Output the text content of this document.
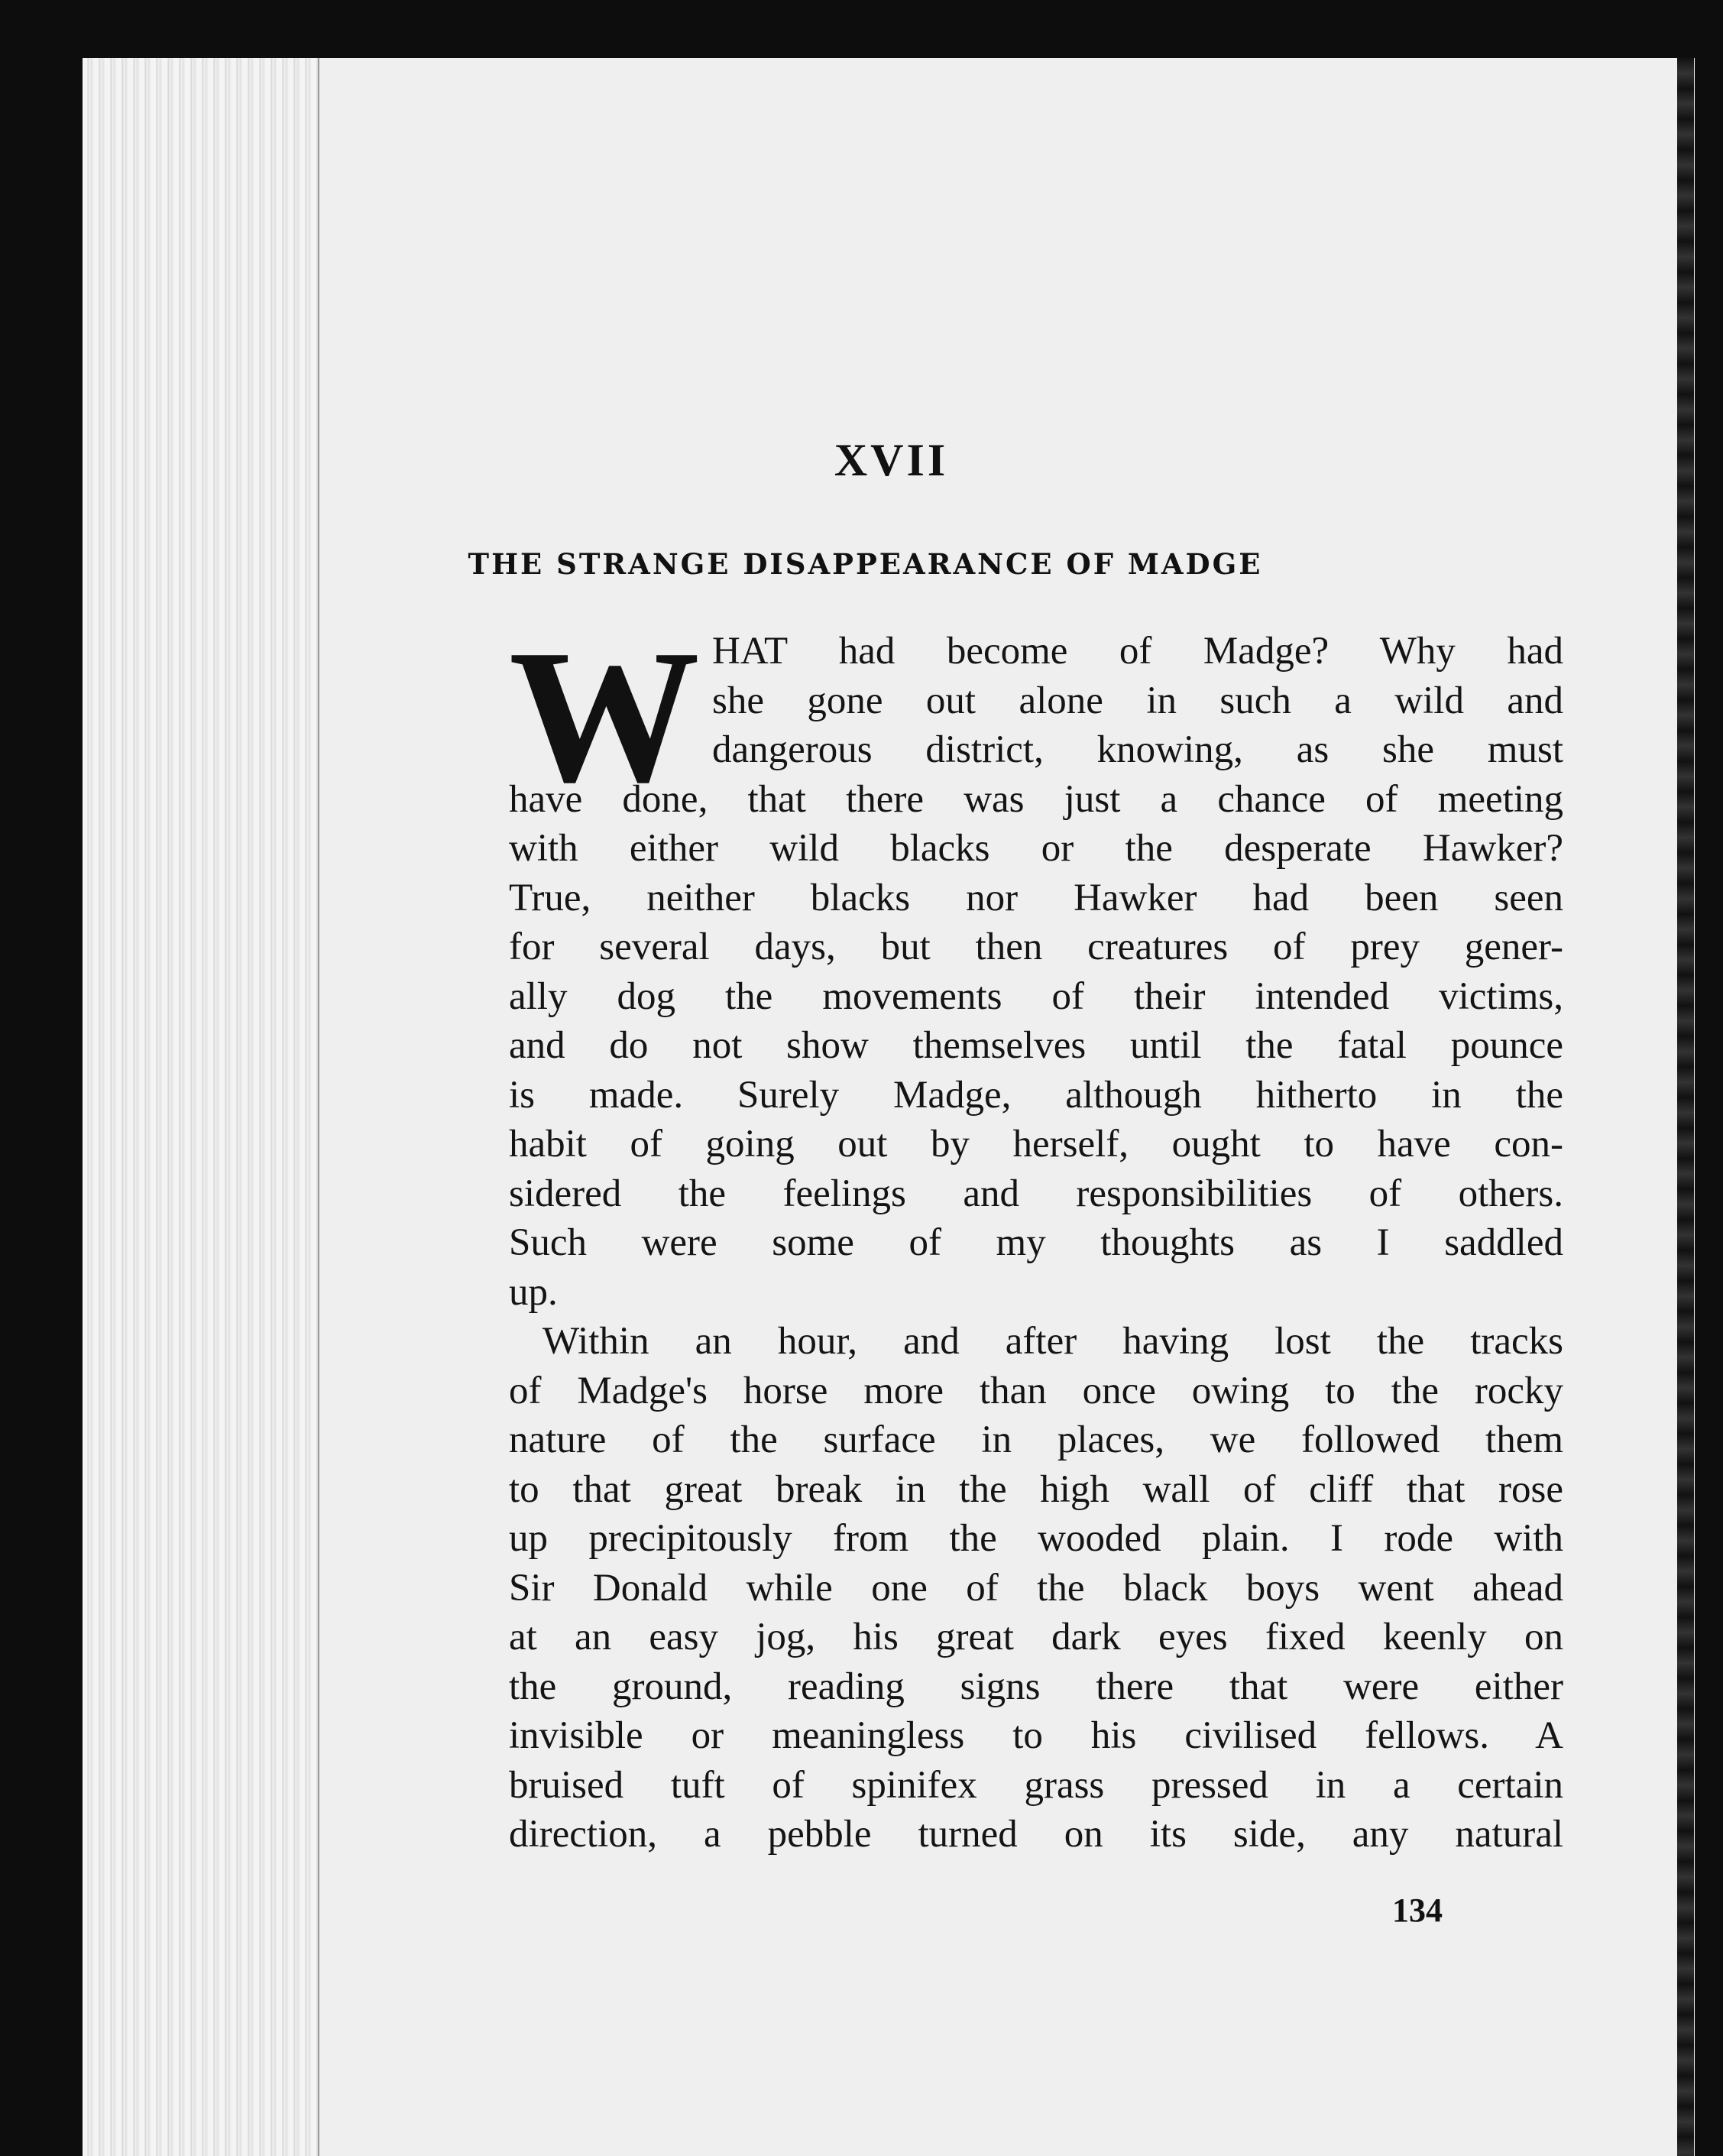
XVII
THE STRANGE DISAPPEARANCE OF MADGE
W HAT had become of Madge? Why had
she gone out alone in such a wild and
dangerous district, knowing, as she must
have done, that there was just a chance of meeting
with either wild blacks or the desperate Hawker?
True, neither blacks nor Hawker had been seen
for several days, but then creatures of prey gener-
ally dog the movements of their intended victims,
and do not show themselves until the fatal pounce
is made. Surely Madge, although hitherto in the
habit of going out by herself, ought to have con-
sidered the feelings and responsibilities of others.
Such were some of my thoughts as I saddled
up.
Within an hour, and after having lost the tracks
of Madge's horse more than once owing to the rocky
nature of the surface in places, we followed them
to that great break in the high wall of cliff that rose
up precipitously from the wooded plain. I rode with
Sir Donald while one of the black boys went ahead
at an easy jog, his great dark eyes fixed keenly on
the ground, reading signs there that were either
invisible or meaningless to his civilised fellows. A
bruised tuft of spinifex grass pressed in a certain
direction, a pebble turned on its side, any natural
134
